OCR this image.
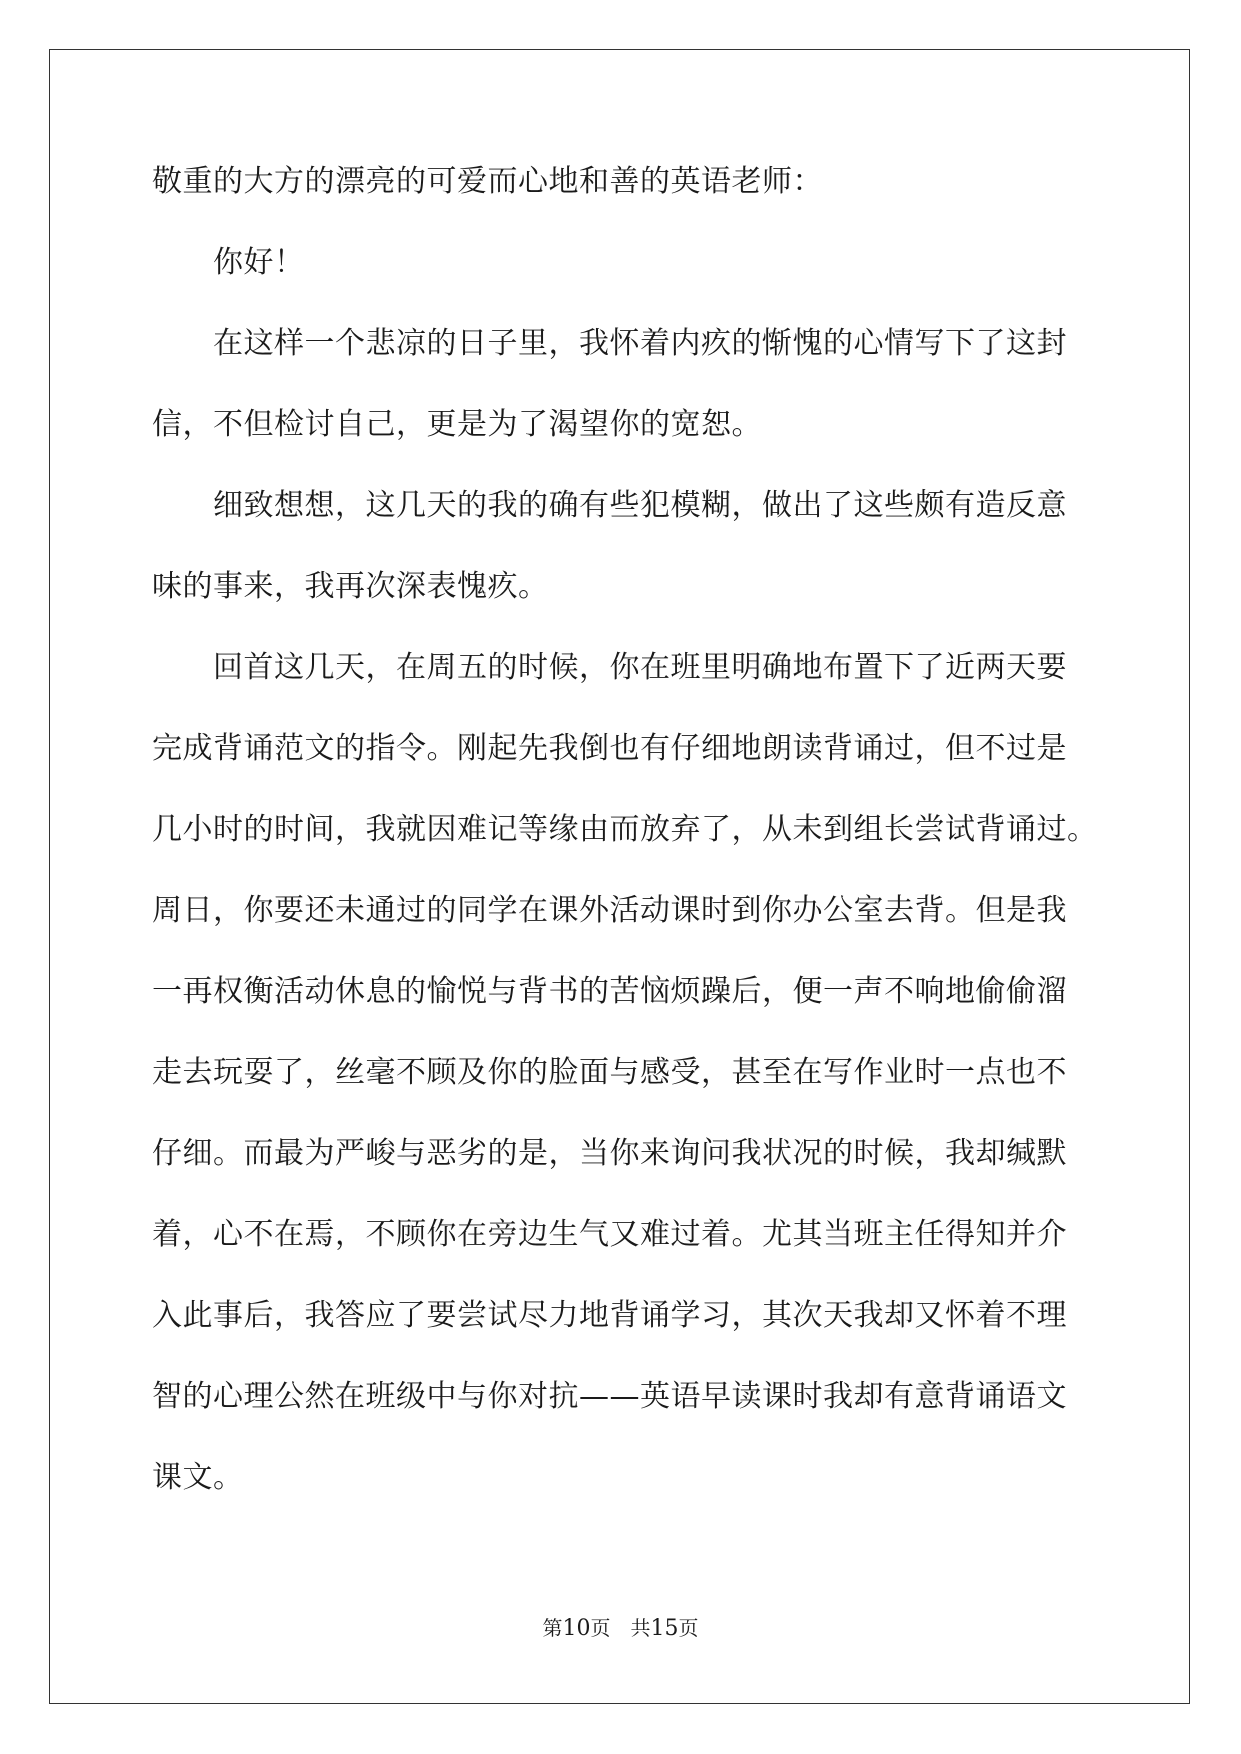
敬重的大方的漂亮的可爱而心地和善的英语老师：
　　你好！
　　在这样一个悲凉的日子里，我怀着内疚的惭愧的心情写下了这封
信，不但检讨自己，更是为了渴望你的宽恕。
　　细致想想，这几天的我的确有些犯模糊，做出了这些颇有造反意
味的事来，我再次深表愧疚。
　　回首这几天，在周五的时候，你在班里明确地布置下了近两天要
完成背诵范文的指令。刚起先我倒也有仔细地朗读背诵过，但不过是
几小时的时间，我就因难记等缘由而放弃了，从未到组长尝试背诵过。
周日，你要还未通过的同学在课外活动课时到你办公室去背。但是我
一再权衡活动休息的愉悦与背书的苦恼烦躁后，便一声不响地偷偷溜
走去玩耍了，丝毫不顾及你的脸面与感受，甚至在写作业时一点也不
仔细。而最为严峻与恶劣的是，当你来询问我状况的时候，我却缄默
着，心不在焉，不顾你在旁边生气又难过着。尤其当班主任得知并介
入此事后，我答应了要尝试尽力地背诵学习，其次天我却又怀着不理
智的心理公然在班级中与你对抗——英语早读课时我却有意背诵语文
课文。
第10页　共15页
